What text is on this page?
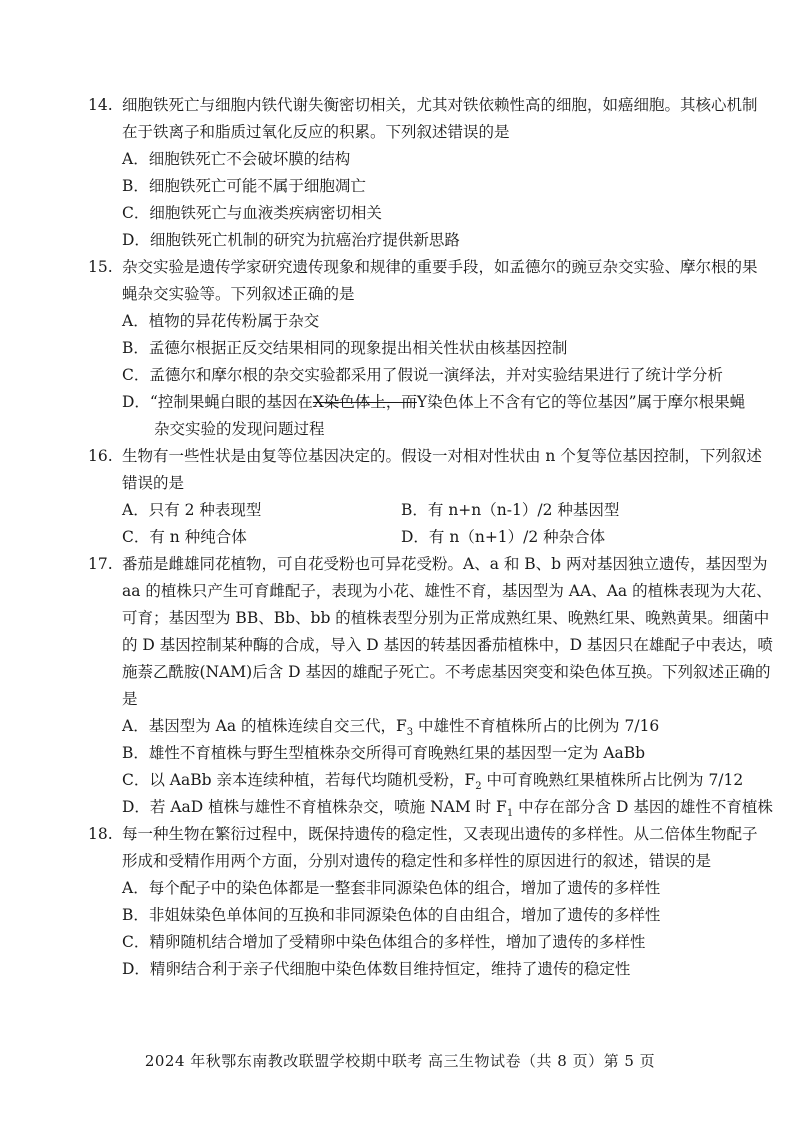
14. 细胞铁死亡与细胞内铁代谢失衡密切相关，尤其对铁依赖性高的细胞，如癌细胞。其核心机制
在于铁离子和脂质过氧化反应的积累。下列叙述错误的是
A．细胞铁死亡不会破坏膜的结构
B．细胞铁死亡可能不属于细胞凋亡
C．细胞铁死亡与血液类疾病密切相关
D．细胞铁死亡机制的研究为抗癌治疗提供新思路
15. 杂交实验是遗传学家研究遗传现象和规律的重要手段，如孟德尔的豌豆杂交实验、摩尔根的果
蝇杂交实验等。下列叙述正确的是
A．植物的异花传粉属于杂交
B．孟德尔根据正反交结果相同的现象提出相关性状由核基因控制
C．孟德尔和摩尔根的杂交实验都采用了假说一演绎法，并对实验结果进行了统计学分析
D．“控制果蝇白眼的基因在X染色体上，而Y染色体上不含有它的等位基因”属于摩尔根果蝇
杂交实验的发现问题过程
16. 生物有一些性状是由复等位基因决定的。假设一对相对性状由 n 个复等位基因控制，下列叙述
错误的是
A．只有 2 种表现型	B．有 n+n（n-1）/2 种基因型
C．有 n 种纯合体	D．有 n（n+1）/2 种杂合体
17. 番茄是雌雄同花植物，可自花受粉也可异花受粉。A、a 和 B、b 两对基因独立遗传，基因型为
aa 的植株只产生可育雌配子，表现为小花、雄性不育，基因型为 AA、Aa 的植株表现为大花、
可育；基因型为 BB、Bb、bb 的植株表型分别为正常成熟红果、晚熟红果、晚熟黄果。细菌中
的 D 基因控制某种酶的合成，导入 D 基因的转基因番茄植株中，D 基因只在雄配子中表达，喷
施萘乙酰胺(NAM)后含 D 基因的雄配子死亡。不考虑基因突变和染色体互换。下列叙述正确的
是
A．基因型为 Aa 的植株连续自交三代，$F_3$ 中雄性不育植株所占的比例为 7/16
B．雄性不育植株与野生型植株杂交所得可育晚熟红果的基因型一定为 AaBb
C．以 AaBb 亲本连续种植，若每代均随机受粉，$F_2$ 中可育晚熟红果植株所占比例为 7/12
D．若 AaD 植株与雄性不育植株杂交，喷施 NAM 时 $F_1$ 中存在部分含 D 基因的雄性不育植株
18. 每一种生物在繁衍过程中，既保持遗传的稳定性，又表现出遗传的多样性。从二倍体生物配子
形成和受精作用两个方面，分别对遗传的稳定性和多样性的原因进行的叙述，错误的是
A．每个配子中的染色体都是一整套非同源染色体的组合，增加了遗传的多样性
B．非姐妹染色单体间的互换和非同源染色体的自由组合，增加了遗传的多样性
C．精卵随机结合增加了受精卵中染色体组合的多样性，增加了遗传的多样性
D．精卵结合利于亲子代细胞中染色体数目维持恒定，维持了遗传的稳定性
2024 年秋鄂东南教改联盟学校期中联考 高三生物试卷（共 8 页）第 5 页
